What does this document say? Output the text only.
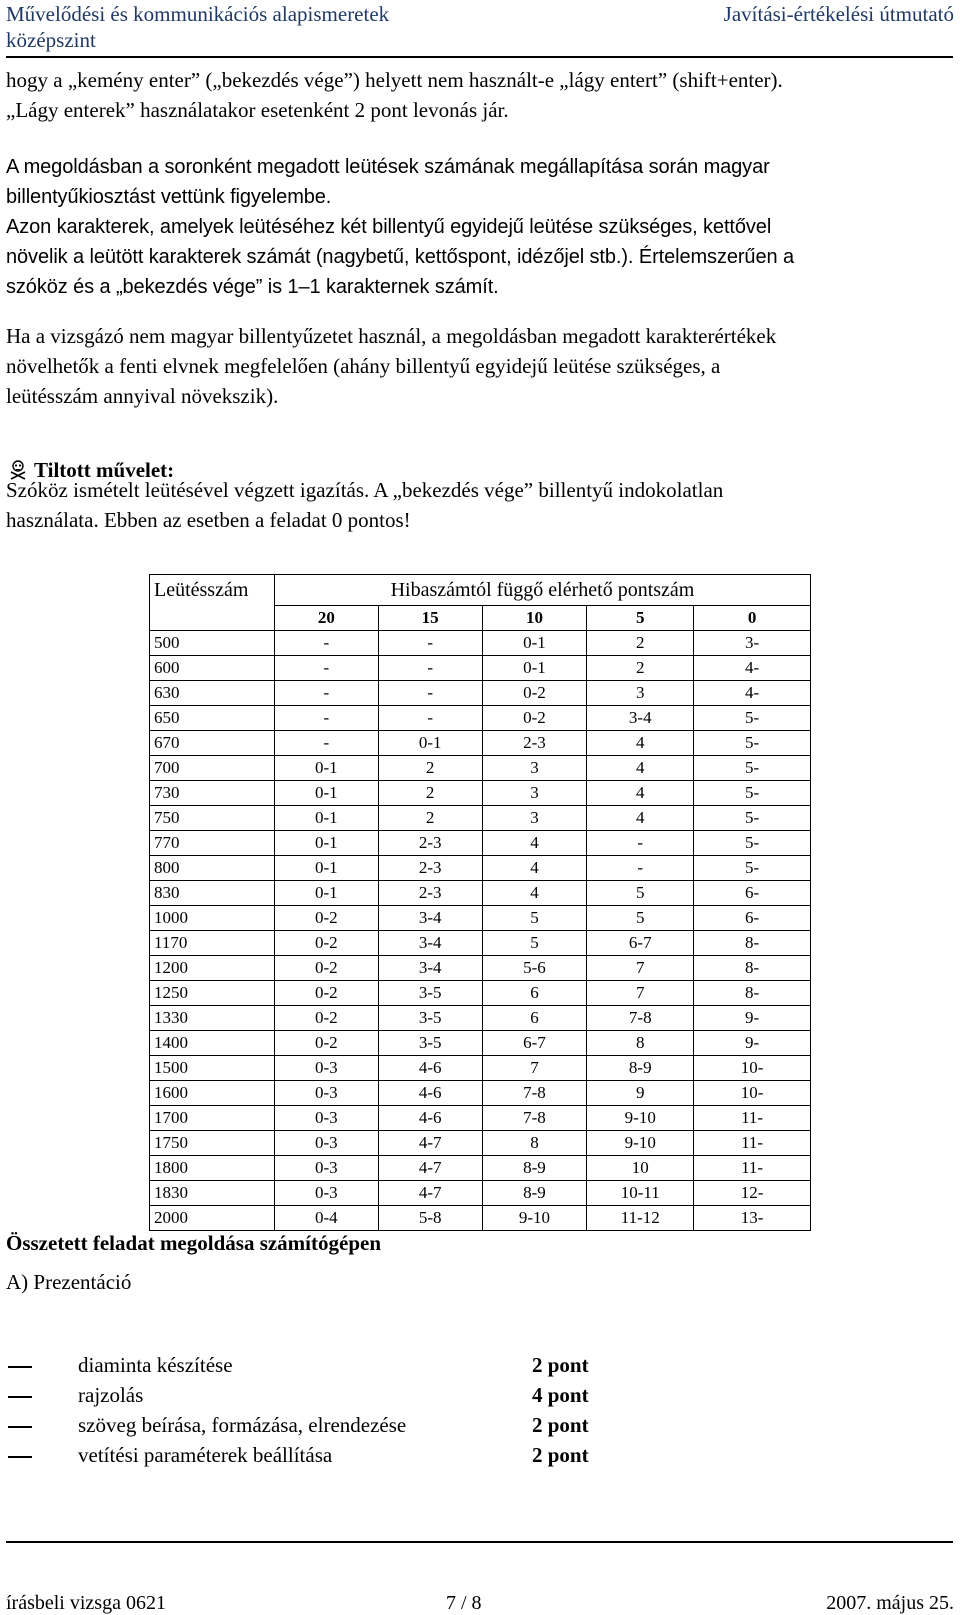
Művelődési és kommunikációs alapismeretek
középszint
Javítási-értékelési útmutató
hogy a „kemény enter” („bekezdés vége”) helyett nem használt-e „lágy entert” (shift+enter).
„Lágy enterek” használatakor esetenként 2 pont levonás jár.
A megoldásban a soronként megadott leütések számának megállapítása során magyar
billentyűkiosztást vettünk figyelembe.
Azon karakterek, amelyek leütéséhez két billentyű egyidejű leütése szükséges, kettővel
növelik a leütött karakterek számát (nagybetű, kettőspont, idézőjel stb.). Értelemszerűen a
szóköz és a „bekezdés vége” is 1–1 karakternek számít.
Ha a vizsgázó nem magyar billentyűzetet használ, a megoldásban megadott karakterértékek
növelhetők a fenti elvnek megfelelően (ahány billentyű egyidejű leütése szükséges, a
leütésszám annyival növekszik).
Tiltott művelet:
Szóköz ismételt leütésével végzett igazítás. A „bekezdés vége” billentyű indokolatlan
használata. Ebben az esetben a feladat 0 pontos!
Leütésszám	Hibaszámtól függő elérhető pontszám				
	20	15	10	5	0
500	-	-	0-1	2	3-
600	-	-	0-1	2	4-
630	-	-	0-2	3	4-
650	-	-	0-2	3-4	5-
670	-	0-1	2-3	4	5-
700	0-1	2	3	4	5-
730	0-1	2	3	4	5-
750	0-1	2	3	4	5-
770	0-1	2-3	4	-	5-
800	0-1	2-3	4	-	5-
830	0-1	2-3	4	5	6-
1000	0-2	3-4	5	5	6-
1170	0-2	3-4	5	6-7	8-
1200	0-2	3-4	5-6	7	8-
1250	0-2	3-5	6	7	8-
1330	0-2	3-5	6	7-8	9-
1400	0-2	3-5	6-7	8	9-
1500	0-3	4-6	7	8-9	10-
1600	0-3	4-6	7-8	9	10-
1700	0-3	4-6	7-8	9-10	11-
1750	0-3	4-7	8	9-10	11-
1800	0-3	4-7	8-9	10	11-
1830	0-3	4-7	8-9	10-11	12-
2000	0-4	5-8	9-10	11-12	13-
Összetett feladat megoldása számítógépen
A) Prezentáció
diaminta készítése	2 pont
rajzolás	4 pont
szöveg beírása, formázása, elrendezése	2 pont
vetítési paraméterek beállítása	2 pont
írásbeli vizsga 0621	7 / 8	2007. május 25.
